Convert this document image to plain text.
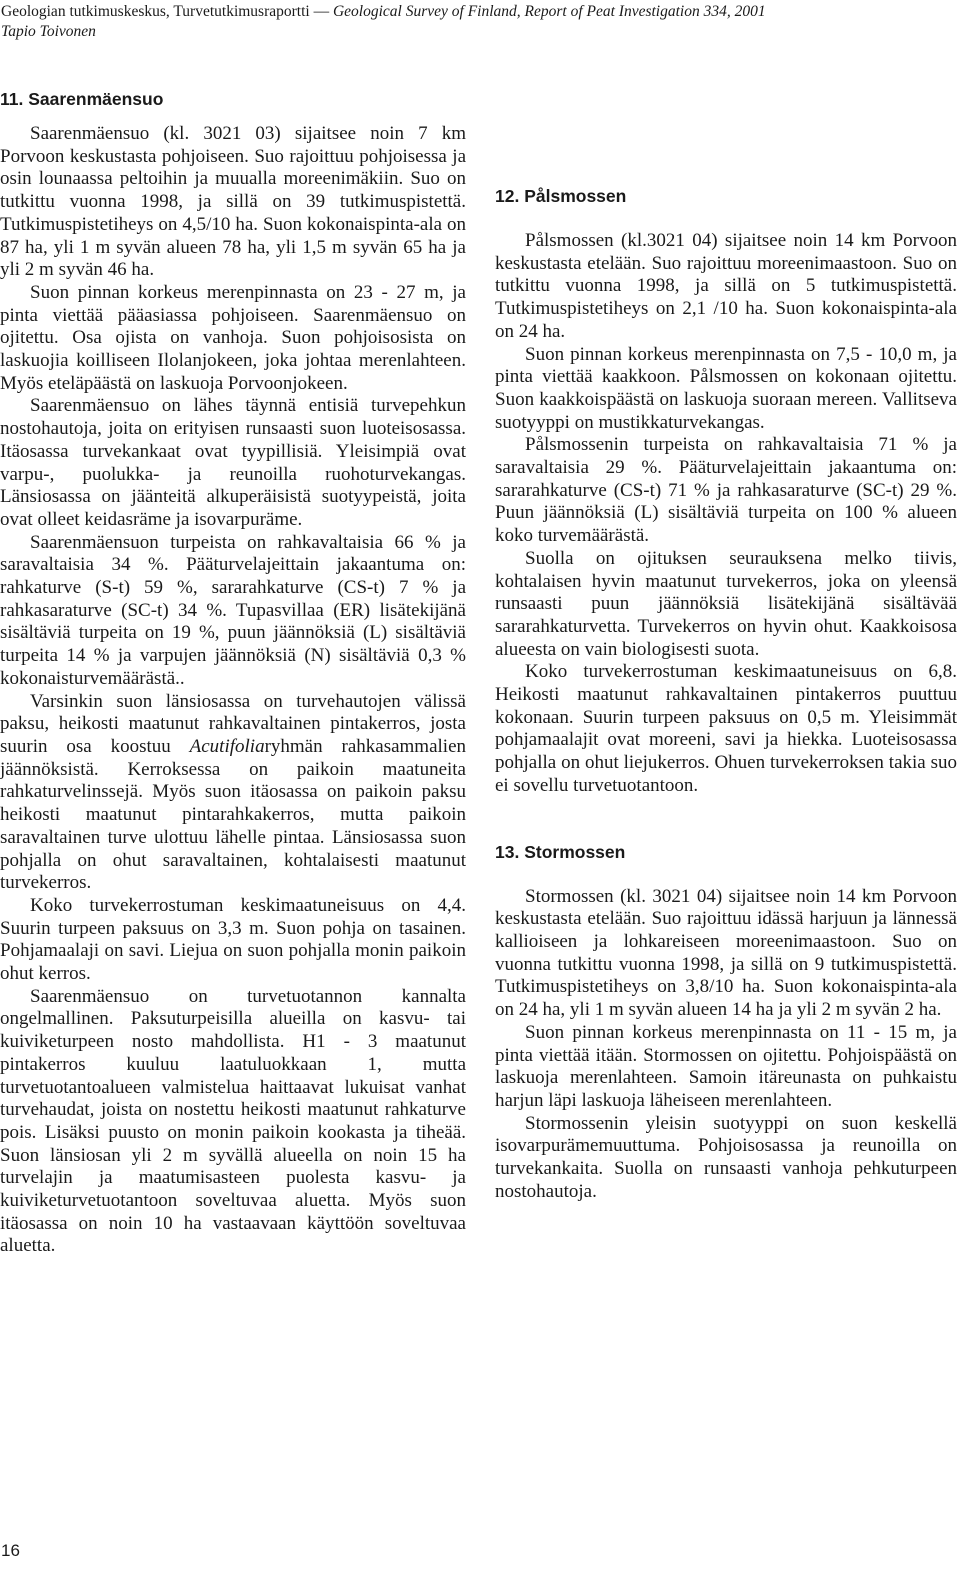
Geologian tutkimuskeskus, Turvetutkimusraportti — Geological Survey of Finland, Report of Peat Investigation 334, 2001
Tapio Toivonen
11. Saarenmäensuo

Saarenmäensuo (kl. 3021 03) sijaitsee noin 7 km Porvoon keskustasta pohjoiseen. Suo rajoittuu pohjoisessa ja osin lounaassa peltoihin ja muualla moreenimäkiin. Suo on tutkittu vuonna 1998, ja sillä on 39 tutkimuspistettä. Tutkimuspistetiheys on 4,5/10 ha. Suon kokonaispinta-ala on 87 ha, yli 1 m syvän alueen 78 ha, yli 1,5 m syvän 65 ha ja yli 2 m syvän 46 ha.

Suon pinnan korkeus merenpinnasta on 23 - 27 m, ja pinta viettää pääasiassa pohjoiseen. Saarenmäensuo on ojitettu. Osa ojista on vanhoja. Suon pohjoisosista on laskuojia koilliseen Ilolanjokeen, joka johtaa merenlahteen. Myös eteläpäästä on laskuoja Porvoonjokeen.

Saarenmäensuo on lähes täynnä entisiä turvepehkun nostohautoja, joita on erityisen runsaasti suon luoteisosassa. Itäosassa turvekankaat ovat tyypillisiä. Yleisimpiä ovat varpu-, puolukka- ja reunoilla ruohoturvekangas. Länsiosassa on jäänteitä alkuperäisistä suotyypeistä, joita ovat olleet keidasräme ja isovarpuräme.

Saarenmäensuon turpeista on rahkavaltaisia 66 % ja saravaltaisia 34 %. Pääturvelajeittain jakaantuma on: rahkaturve (S-t) 59 %, sararahkaturve (CS-t) 7 % ja rahkasaraturve (SC-t) 34 %. Tupasvillaa (ER) lisätekijänä sisältäviä turpeita on 19 %, puun jäännöksiä (L) sisältäviä turpeita 14 % ja varpujen jäännöksiä (N) sisältäviä 0,3 % kokonaisturvemäärästä..

Varsinkin suon länsiosassa on turvehautojen välissä paksu, heikosti maatunut rahkavaltainen pintakerros, josta suurin osa koostuu Acutifoliaryhmän rahkasammalien jäännöksistä. Kerroksessa on paikoin maatuneita rahkaturvelinssejä. Myös suon itäosassa on paikoin paksu heikosti maatunut pintarahkakerros, mutta paikoin saravaltainen turve ulottuu lähelle pintaa. Länsiosassa suon pohjalla on ohut saravaltainen, kohtalaisesti maatunut turvekerros.

Koko turvekerrostuman keskimaatuneisuus on 4,4. Suurin turpeen paksuus on 3,3 m. Suon pohja on tasainen. Pohjamaalaji on savi. Liejua on suon pohjalla monin paikoin ohut kerros.

Saarenmäensuo on turvetuotannon kannalta ongelmallinen. Paksuturpeisilla alueilla on kasvu- tai kuiviketurpeen nosto mahdollista. H1 - 3 maatunut pintakerros kuuluu laatuluokkaan 1, mutta turvetuotantoalueen valmistelua haittaavat lukuisat vanhat turvehaudat, joista on nostettu heikosti maatunut rahkaturve pois. Lisäksi puusto on monin paikoin kookasta ja tiheää. Suon länsiosan yli 2 m syvällä alueella on noin 15 ha turvelajin ja maatumisasteen puolesta kasvu- ja kuiviketurvetuotantoon soveltuvaa aluetta. Myös suon itäosassa on noin 10 ha vastaavaan käyttöön soveltuvaa aluetta.

12. Pålsmossen

Pålsmossen (kl.3021 04) sijaitsee noin 14 km Porvoon keskustasta etelään. Suo rajoittuu moreenimaastoon. Suo on tutkittu vuonna 1998, ja sillä on 5 tutkimuspistettä. Tutkimuspistetiheys on 2,1 /10 ha. Suon kokonaispinta-ala on 24 ha.

Suon pinnan korkeus merenpinnasta on 7,5 - 10,0 m, ja pinta viettää kaakkoon. Pålsmossen on kokonaan ojitettu. Suon kaakkoispäästä on laskuoja suoraan mereen. Vallitseva suotyyppi on mustikkaturvekangas.

Pålsmossenin turpeista on rahkavaltaisia 71 % ja saravaltaisia 29 %. Pääturvelajeittain jakaantuma on: sararahkaturve (CS-t) 71 % ja rahkasaraturve (SC-t) 29 %. Puun jäännöksiä (L) sisältäviä turpeita on 100 % alueen koko turvemäärästä.

Suolla on ojituksen seurauksena melko tiivis, kohtalaisen hyvin maatunut turvekerros, joka on yleensä runsaasti puun jäännöksiä lisätekijänä sisältävää sararahkaturvetta. Turvekerros on hyvin ohut. Kaakkoisosa alueesta on vain biologisesti suota.

Koko turvekerrostuman keskimaatuneisuus on 6,8. Heikosti maatunut rahkavaltainen pintakerros puuttuu kokonaan. Suurin turpeen paksuus on 0,5 m. Yleisimmät pohjamaalajit ovat moreeni, savi ja hiekka. Luoteisosassa pohjalla on ohut liejukerros. Ohuen turvekerroksen takia suo ei sovellu turvetuotantoon.

13. Stormossen

Stormossen (kl. 3021 04) sijaitsee noin 14 km Porvoon keskustasta etelään. Suo rajoittuu idässä harjuun ja lännessä kallioiseen ja lohkareiseen moreenimaastoon. Suo on vuonna tutkittu vuonna 1998, ja sillä on 9 tutkimuspistettä. Tutkimuspistetiheys on 3,8/10 ha. Suon kokonaispinta-ala on 24 ha, yli 1 m syvän alueen 14 ha ja yli 2 m syvän 2 ha.

Suon pinnan korkeus merenpinnasta on 11 - 15 m, ja pinta viettää itään. Stormossen on ojitettu. Pohjoispäästä on laskuoja merenlahteen. Samoin itäreunasta on puhkaistu harjun läpi laskuoja läheiseen merenlahteen.

Stormossenin yleisin suotyyppi on suon keskellä isovarpurämemuuttuma. Pohjoisosassa ja reunoilla on turvekankaita. Suolla on runsaasti vanhoja pehkuturpeen nostohautoja.

16
